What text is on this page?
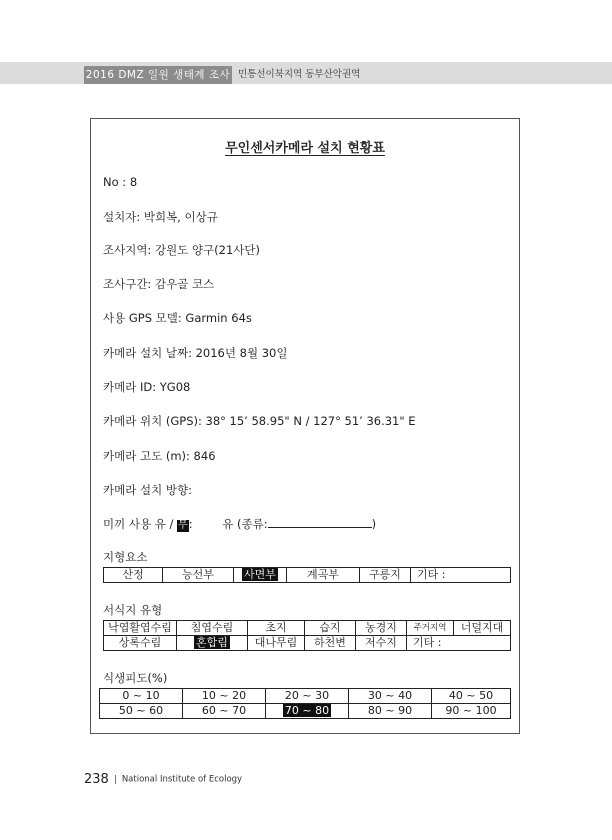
2016 DMZ 일원 생태계 조사 민통선이북지역 동부산악권역
무인센서카메라 설치 현황표
No : 8
설치자: 박희복, 이상규
조사지역: 강원도 양구(21사단)
조사구간: 감우골 코스
사용 GPS 모델: Garmin 64s
카메라 설치 날짜: 2016년 8월 30일
카메라 ID: YG08
카메라 위치 (GPS): 38° 15’ 58.95" N / 127° 51’ 36.31" E
카메라 고도 (m): 846
카메라 설치 방향:
미끼 사용 유 / 무:	유 (종류:	)
지형요소
산정	능선부	사면부	계곡부	구릉지	기타 :
서식지 유형
낙엽활엽수림	침엽수림	초지	습지	농경지	주거지역	너덜지대
상록수림	혼합림	대나무림	하천변	저수지	기타 :	
식생피도(%)
0 ~ 10	10 ~ 20	20 ~ 30	30 ~ 40	40 ~ 50
50 ~ 60	60 ~ 70	70 ~ 80	80 ~ 90	90 ~ 100
238 National Institute of Ecology
